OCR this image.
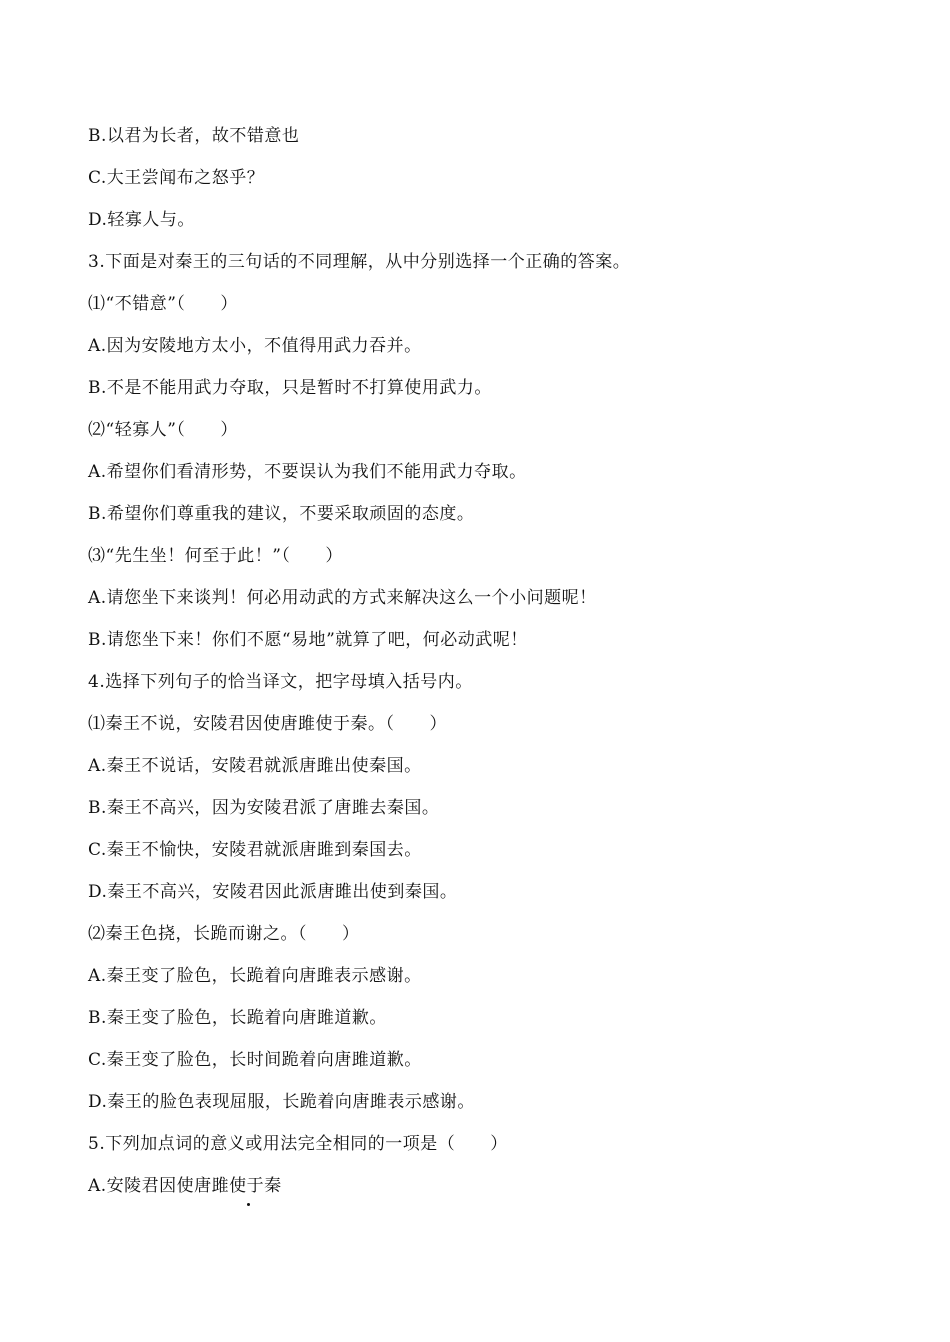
B.以君为长者，故不错意也
C.大王尝闻布之怒乎？
D.轻寡人与。
3.下面是对秦王的三句话的不同理解，从中分别选择一个正确的答案。
⑴“不错意”（　　）
A.因为安陵地方太小，不值得用武力吞并。
B.不是不能用武力夺取，只是暂时不打算使用武力。
⑵“轻寡人”（　　）
A.希望你们看清形势，不要误认为我们不能用武力夺取。
B.希望你们尊重我的建议，不要采取顽固的态度。
⑶“先生坐！何至于此！”（　　）
A.请您坐下来谈判！何必用动武的方式来解决这么一个小问题呢！
B.请您坐下来！你们不愿“易地”就算了吧，何必动武呢！
4.选择下列句子的恰当译文，把字母填入括号内。
⑴秦王不说，安陵君因使唐雎使于秦。（　　）
A.秦王不说话，安陵君就派唐雎出使秦国。
B.秦王不高兴，因为安陵君派了唐雎去秦国。
C.秦王不愉快，安陵君就派唐雎到秦国去。
D.秦王不高兴，安陵君因此派唐雎出使到秦国。
⑵秦王色挠，长跪而谢之。（　　）
A.秦王变了脸色，长跪着向唐雎表示感谢。
B.秦王变了脸色，长跪着向唐雎道歉。
C.秦王变了脸色，长时间跪着向唐雎道歉。
D.秦王的脸色表现屈服，长跪着向唐雎表示感谢。
5.下列加点词的意义或用法完全相同的一项是（　　）
A.安陵君因使唐雎使于秦
